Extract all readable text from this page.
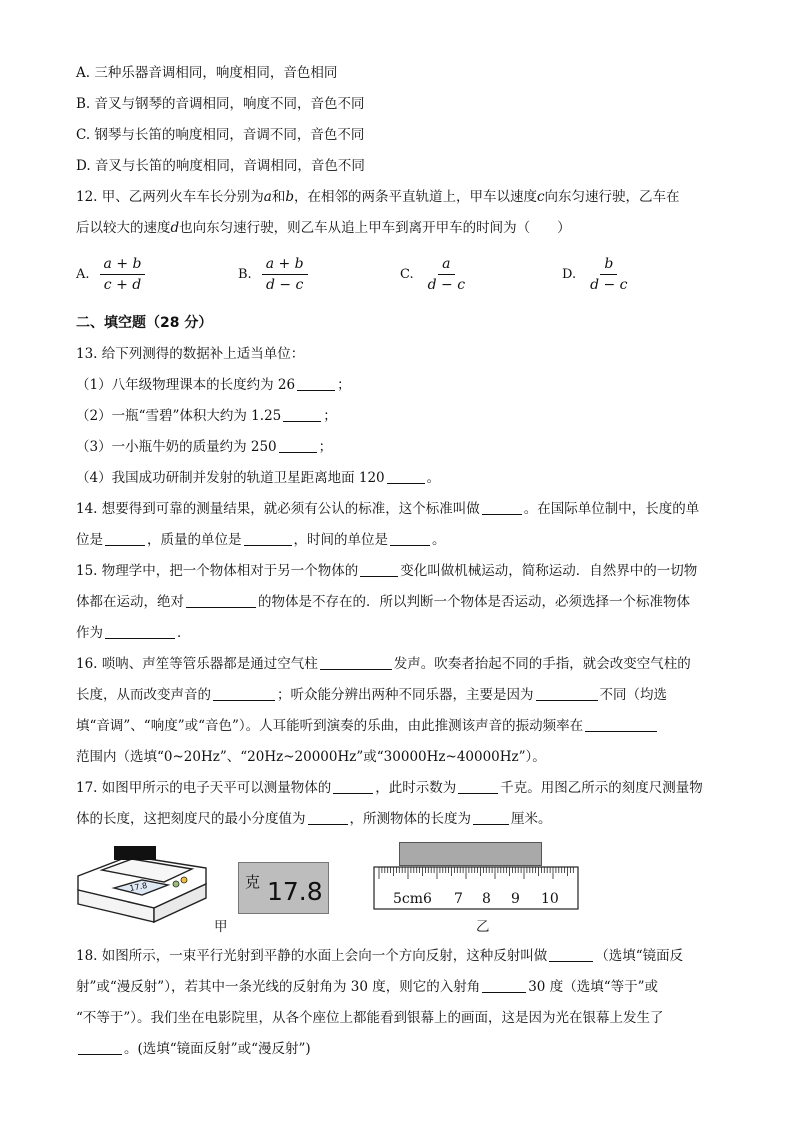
A. 三种乐器音调相同，响度相同，音色相同
B. 音叉与钢琴的音调相同，响度不同，音色不同
C. 钢琴与长笛的响度相同，音调不同，音色不同
D. 音叉与长笛的响度相同，音调相同，音色不同
12. 甲、乙两列火车车长分别为a和b，在相邻的两条平直轨道上，甲车以速度c向东匀速行驶，乙车在
后以较大的速度d也向东匀速行驶，则乙车从追上甲车到离开甲车的时间为（　　）
A. $\frac{a + b}{c + d}$	B. $\frac{a + b}{d - c}$	C. $\frac{a}{d - c}$	D. $\frac{b}{d - c}$
二、填空题（28 分）
13. 给下列测得的数据补上适当单位：
（1）八年级物理课本的长度约为 26	；
（2）一瓶“雪碧”体积大约为 1.25	；
（3）一小瓶牛奶的质量约为 250	；
（4）我国成功研制并发射的轨道卫星距离地面 120	。
14. 想要得到可靠的测量结果，就必须有公认的标准，这个标准叫做	。在国际单位制中，长度的单
位是	，质量的单位是	，时间的单位是	。
15. 物理学中，把一个物体相对于另一个物体的	变化叫做机械运动，简称运动．自然界中的一切物
体都在运动，绝对	的物体是不存在的．所以判断一个物体是否运动，必须选择一个标准物体
作为	．
16. 唢呐、声笙等管乐器都是通过空气柱	发声。吹奏者抬起不同的手指，就会改变空气柱的
长度，从而改变声音的	；听众能分辨出两种不同乐器，主要是因为	不同（均选
填“音调”、“响度”或“音色”）。人耳能听到演奏的乐曲，由此推测该声音的振动频率在
范围内（选填“0~20Hz”、“20Hz~20000Hz”或“30000Hz~40000Hz”）。
17. 如图甲所示的电子天平可以测量物体的	，此时示数为	千克。用图乙所示的刻度尺测量物
体的长度，这把刻度尺的最小分度值为	，所测物体的长度为	厘米。
17.8
甲
克 17.8	5cm6 7 8 9 10
乙
18. 如图所示，一束平行光射到平静的水面上会向一个方向反射，这种反射叫做	（选填“镜面反
射”或“漫反射”），若其中一条光线的反射角为 30 度，则它的入射角	30 度（选填“等于”或
“不等于”）。我们坐在电影院里，从各个座位上都能看到银幕上的画面，这是因为光在银幕上发生了
。(选填“镜面反射”或“漫反射”)
